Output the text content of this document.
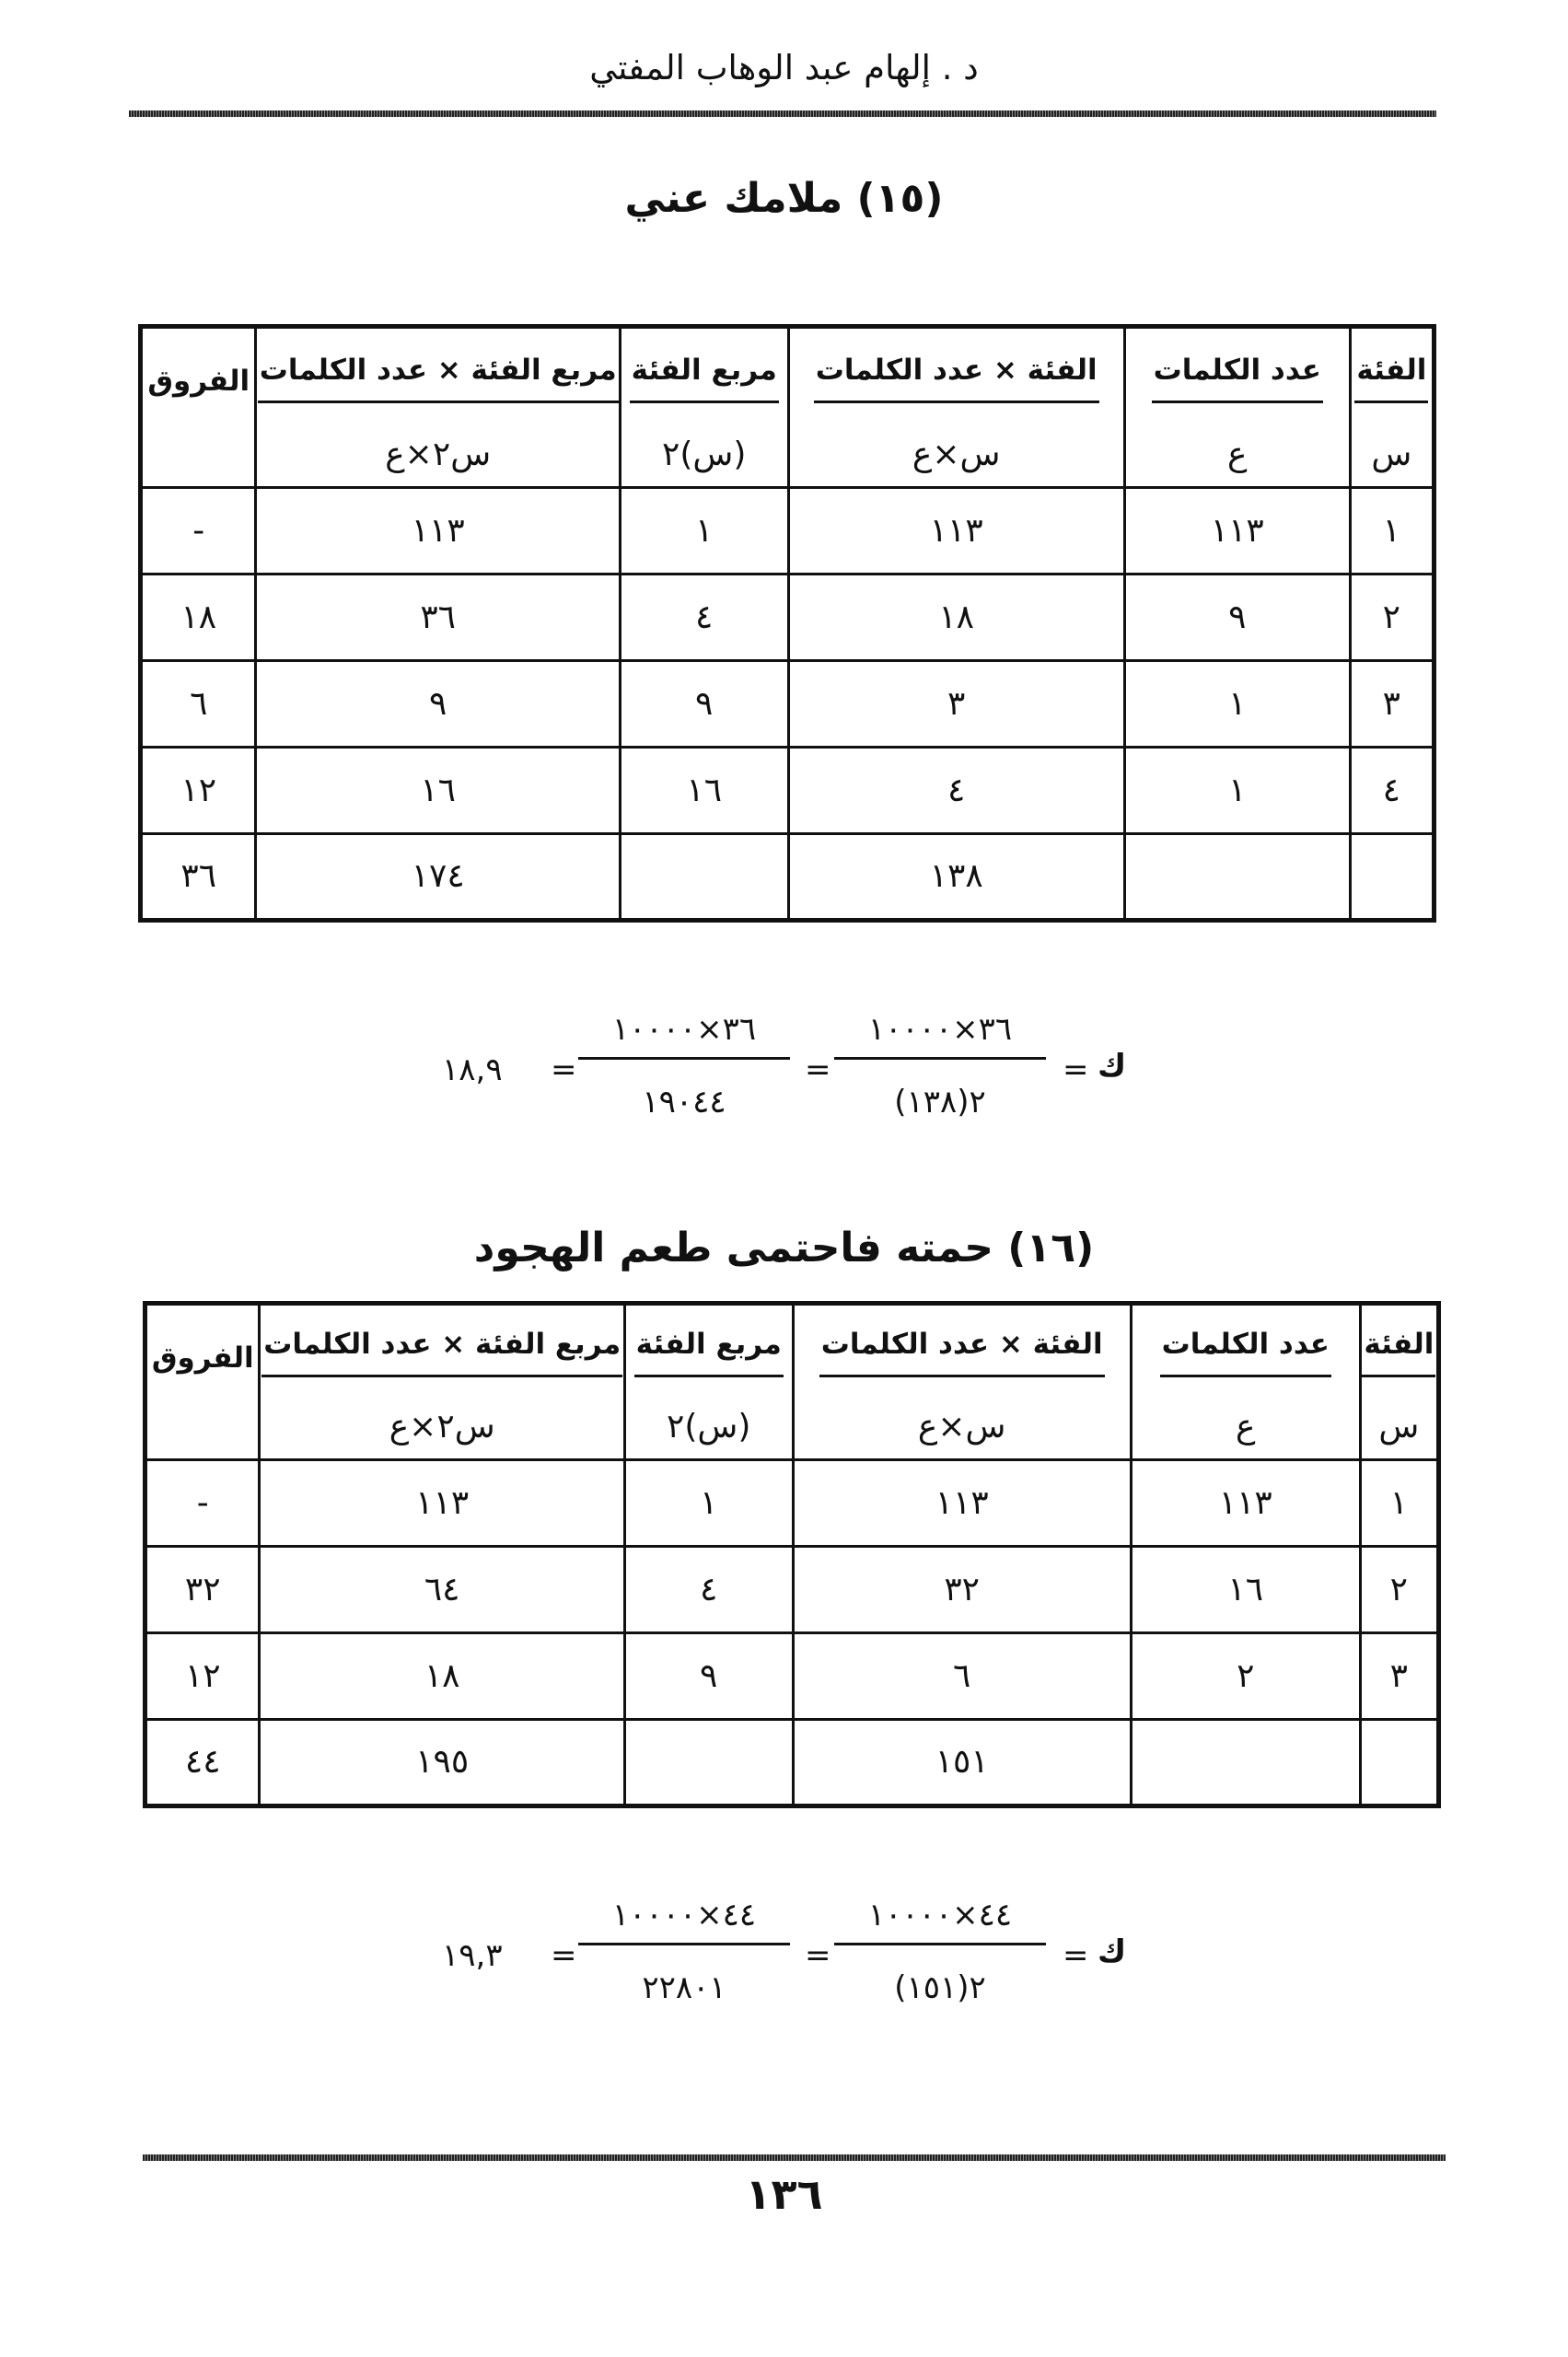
د . إلهام عبد الوهاب المفتي
(١٥) ملامك عني
الفئة	عدد الكلمات	الفئة × عدد الكلمات	مربع الفئة	مربع الفئة × عدد الكلمات	الفروق
س	ع	س×ع	(س)٢	س٢×ع	
١	١١٣	١١٣	١	١١٣	-
٢	٩	١٨	٤	٣٦	١٨
٣	١	٣	٩	٩	٦
٤	١	٤	١٦	١٦	١٢
		١٣٨		١٧٤	٣٦
١٨,٩ =
٣٦×١٠٠٠٠
١٩٠٤٤
=
٣٦×١٠٠٠٠
(١٣٨)٢
= ك
(١٦) حمته فاحتمى طعم الهجود
الفئة	عدد الكلمات	الفئة × عدد الكلمات	مربع الفئة	مربع الفئة × عدد الكلمات	الفروق
س	ع	س×ع	(س)٢	س٢×ع	
١	١١٣	١١٣	١	١١٣	-
٢	١٦	٣٢	٤	٦٤	٣٢
٣	٢	٦	٩	١٨	١٢
		١٥١		١٩٥	٤٤
١٩,٣ =
٤٤×١٠٠٠٠
٢٢٨٠١
=
٤٤×١٠٠٠٠
(١٥١)٢
= ك
١٣٦
